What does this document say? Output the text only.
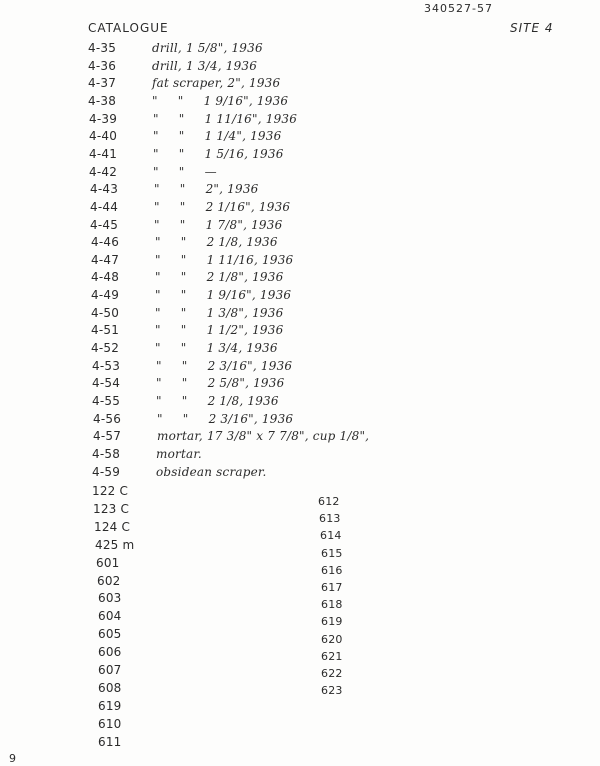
CATALOGUE
340527-57
SITE 4
4-35	drill, 1 5/8", 1936
4-36	drill, 1 3/4, 1936
4-37	fat scraper, 2", 1936
4-38	"     "     1 9/16", 1936
4-39	"     "     1 11/16", 1936
4-40	"     "     1 1/4", 1936
4-41	"     "     1 5/16, 1936
4-42	"     "     —
4-43	"     "     2", 1936
4-44	"     "     2 1/16", 1936
4-45	"     "     1 7/8", 1936
4-46	"     "     2 1/8, 1936
4-47	"     "     1 11/16, 1936
4-48	"     "     2 1/8", 1936
4-49	"     "     1 9/16", 1936
4-50	"     "     1 3/8", 1936
4-51	"     "     1 1/2", 1936
4-52	"     "     1 3/4, 1936
4-53	"     "     2 3/16", 1936
4-54	"     "     2 5/8", 1936
4-55	"     "     2 1/8, 1936
4-56	"     "     2 3/16", 1936
4-57	mortar, 17 3/8" x 7 7/8", cup 1/8",
4-58	mortar.
4-59	obsidean scraper.
122 C
123 C
124 C
425 m
601
602
603
604
605
606
607
608
619
610
611
612
613
614
615
616
617
618
619
620
621
622
623
9
